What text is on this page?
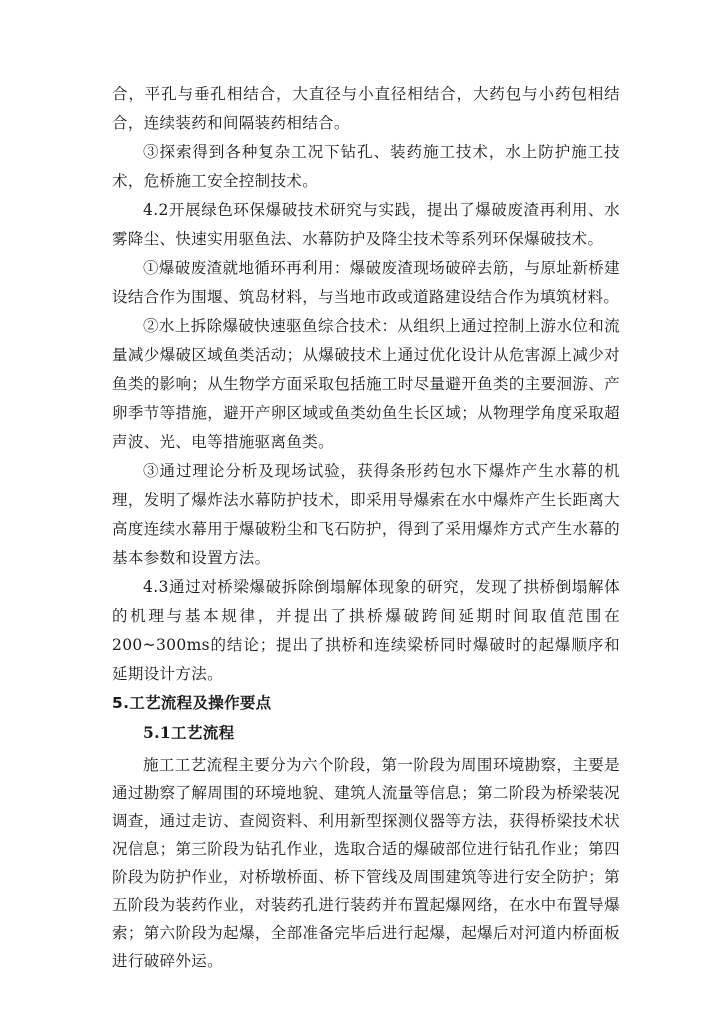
合，平孔与垂孔相结合，大直径与小直径相结合，大药包与小药包相结合，连续装药和间隔装药相结合。

③探索得到各种复杂工况下钻孔、装药施工技术，水上防护施工技术，危桥施工安全控制技术。

4.2开展绿色环保爆破技术研究与实践，提出了爆破废渣再利用、水雾降尘、快速实用驱鱼法、水幕防护及降尘技术等系列环保爆破技术。

①爆破废渣就地循环再利用：爆破废渣现场破碎去筋，与原址新桥建设结合作为围堰、筑岛材料，与当地市政或道路建设结合作为填筑材料。

②水上拆除爆破快速驱鱼综合技术：从组织上通过控制上游水位和流量减少爆破区域鱼类活动；从爆破技术上通过优化设计从危害源上减少对鱼类的影响；从生物学方面采取包括施工时尽量避开鱼类的主要洄游、产卵季节等措施，避开产卵区域或鱼类幼鱼生长区域；从物理学角度采取超声波、光、电等措施驱离鱼类。

③通过理论分析及现场试验，获得条形药包水下爆炸产生水幕的机理，发明了爆炸法水幕防护技术，即采用导爆索在水中爆炸产生长距离大高度连续水幕用于爆破粉尘和飞石防护，得到了采用爆炸方式产生水幕的基本参数和设置方法。

4.3通过对桥梁爆破拆除倒塌解体现象的研究，发现了拱桥倒塌解体的机理与基本规律，并提出了拱桥爆破跨间延期时间取值范围在200~300ms的结论；提出了拱桥和连续梁桥同时爆破时的起爆顺序和延期设计方法。

5.工艺流程及操作要点
5.1工艺流程

施工工艺流程主要分为六个阶段，第一阶段为周围环境勘察，主要是通过勘察了解周围的环境地貌、建筑人流量等信息；第二阶段为桥梁装况调查，通过走访、查阅资料、利用新型探测仪器等方法，获得桥梁技术状况信息；第三阶段为钻孔作业，选取合适的爆破部位进行钻孔作业；第四阶段为防护作业，对桥墩桥面、桥下管线及周围建筑等进行安全防护；第五阶段为装药作业，对装药孔进行装药并布置起爆网络，在水中布置导爆索；第六阶段为起爆，全部准备完毕后进行起爆，起爆后对河道内桥面板进行破碎外运。
